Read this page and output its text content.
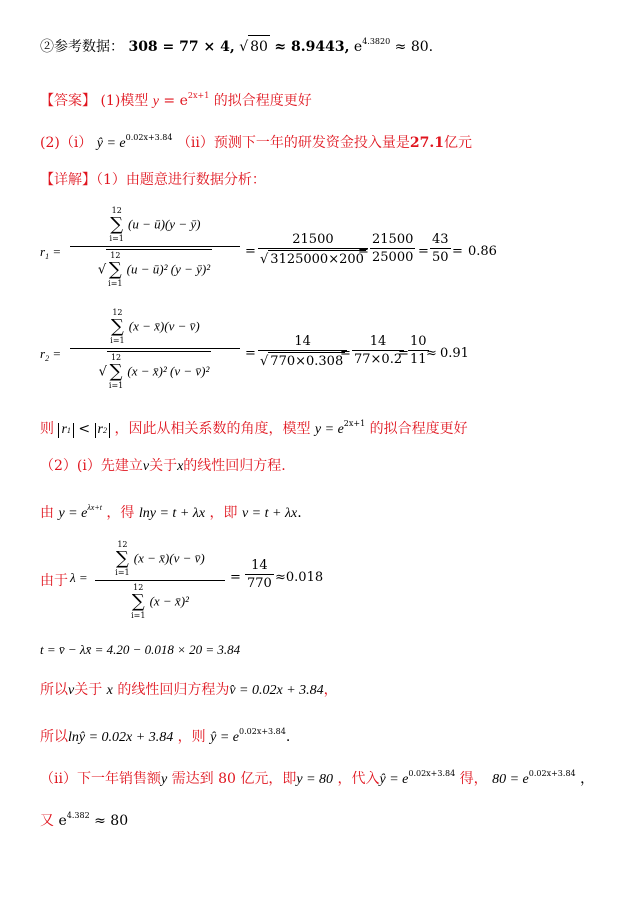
②参考数据： 308 = 77 × 4, √ 80 ≈ 8.9443, $e^{4.3820} \approx 80$.
【答案】 (1)模型 $y = e^{2x+1}$ 的拟合程度更好
(2)（i） ŷ = $e^{0.02x+3.84}$ （ii）预测下一年的研发资金投入量是27.1亿元
【详解】（1）由题意进行数据分析：
$r_1$ =
12
∑
i=1
(u − ū)(y − ȳ)
√
12
∑
i=1
(u − ū)² (y − ȳ)²
= $\frac{21500}{√ 3125000\times 200}$
= $\frac{21500}{25000} = \frac{43}{50} = 0.86$
$r_2$ =
12
∑
i=1
(x − x̄)(v − v̄)
√
12
∑
i=1
(x − x̄)² (v − v̄)²
= $\frac{14}{√ 770\times 0.308}$
= $\frac{14}{77\times 0.2}$
= $\frac{10}{11}$
≈ 0.91
则 r1 < r2 ，因此从相关系数的角度，模型 $y = e^{2x+1}$ 的拟合程度更好
（2）(i）先建立v关于x的线性回归方程.
由 $y = e^{\lambda x+t}$ ，得 lny = t + λx ，即 v = t + λx.
由于 λ =
12
∑
i=1
(x − x̄)(v − v̄)
12
∑
i=1
(x − x̄)²
= $\frac{14}{770} \approx 0.018$
t = v̄ − λx̄ = 4.20 − 0.018 × 20 = 3.84
所以v关于 x 的线性回归方程为v̂ = 0.02x + 3.84，
所以lnŷ = 0.02x + 3.84 ，则 ŷ = $e^{0.02x+3.84}$.
（ii）下一年销售额y 需达到 80 亿元，即y = 80 ，代入ŷ = $e^{0.02x+3.84}$ 得， $80 = e^{0.02x+3.84}$ ，
又 $e^{4.382} \approx 80$
